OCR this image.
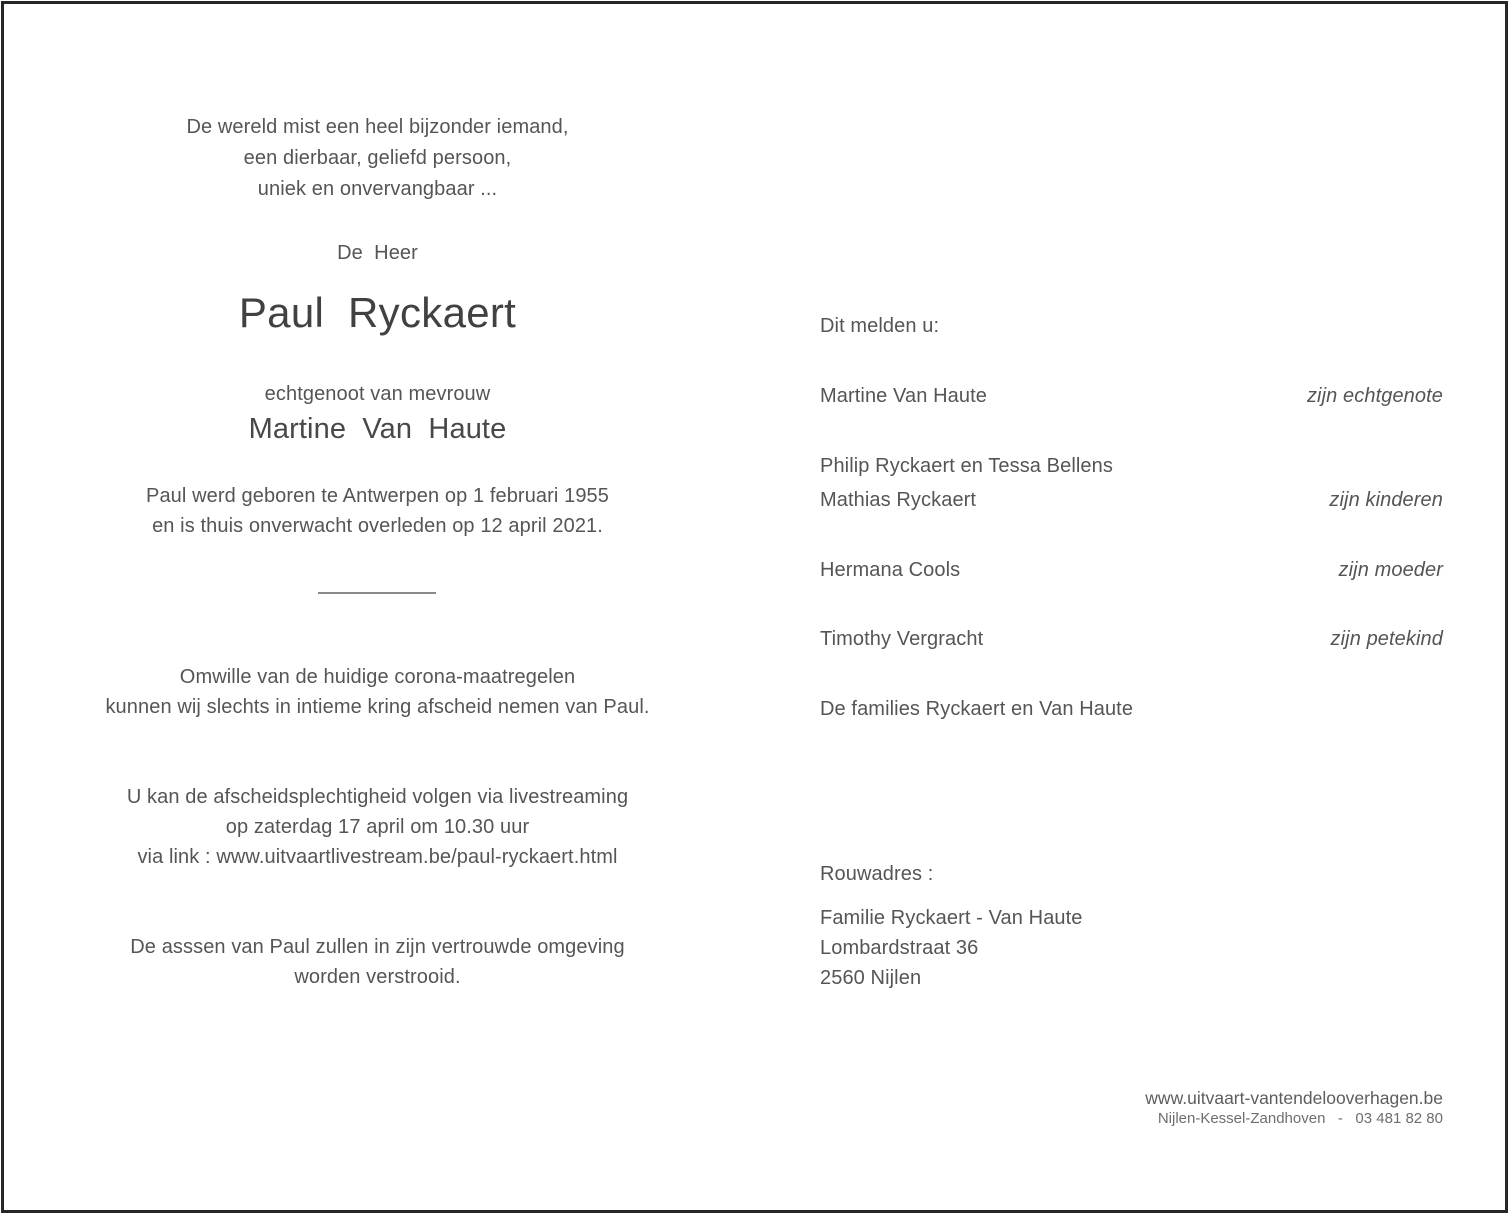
De wereld mist een heel bijzonder iemand,
een dierbaar, geliefd persoon,
uniek en onvervangbaar ...
De  Heer
Paul  Ryckaert
echtgenoot van mevrouw
Martine  Van  Haute
Paul werd geboren te Antwerpen op 1 februari 1955
en is thuis onverwacht overleden op 12 april 2021.
Omwille van de huidige corona-maatregelen
kunnen wij slechts in intieme kring afscheid nemen van Paul.
U kan de afscheidsplechtigheid volgen via livestreaming
op zaterdag 17 april om 10.30 uur
via link : www.uitvaartlivestream.be/paul-ryckaert.html
De asssen van Paul zullen in zijn vertrouwde omgeving
worden verstrooid.
Dit melden u:
Martine Van Haute	zijn echtgenote
Philip Ryckaert en Tessa Bellens
Mathias Ryckaert	zijn kinderen
Hermana Cools	zijn moeder
Timothy Vergracht	zijn petekind
De families Ryckaert en Van Haute
Rouwadres :
Familie Ryckaert - Van Haute
Lombardstraat 36
2560 Nijlen
www.uitvaart-vantendelooverhagen.be
Nijlen-Kessel-Zandhoven   -   03 481 82 80
